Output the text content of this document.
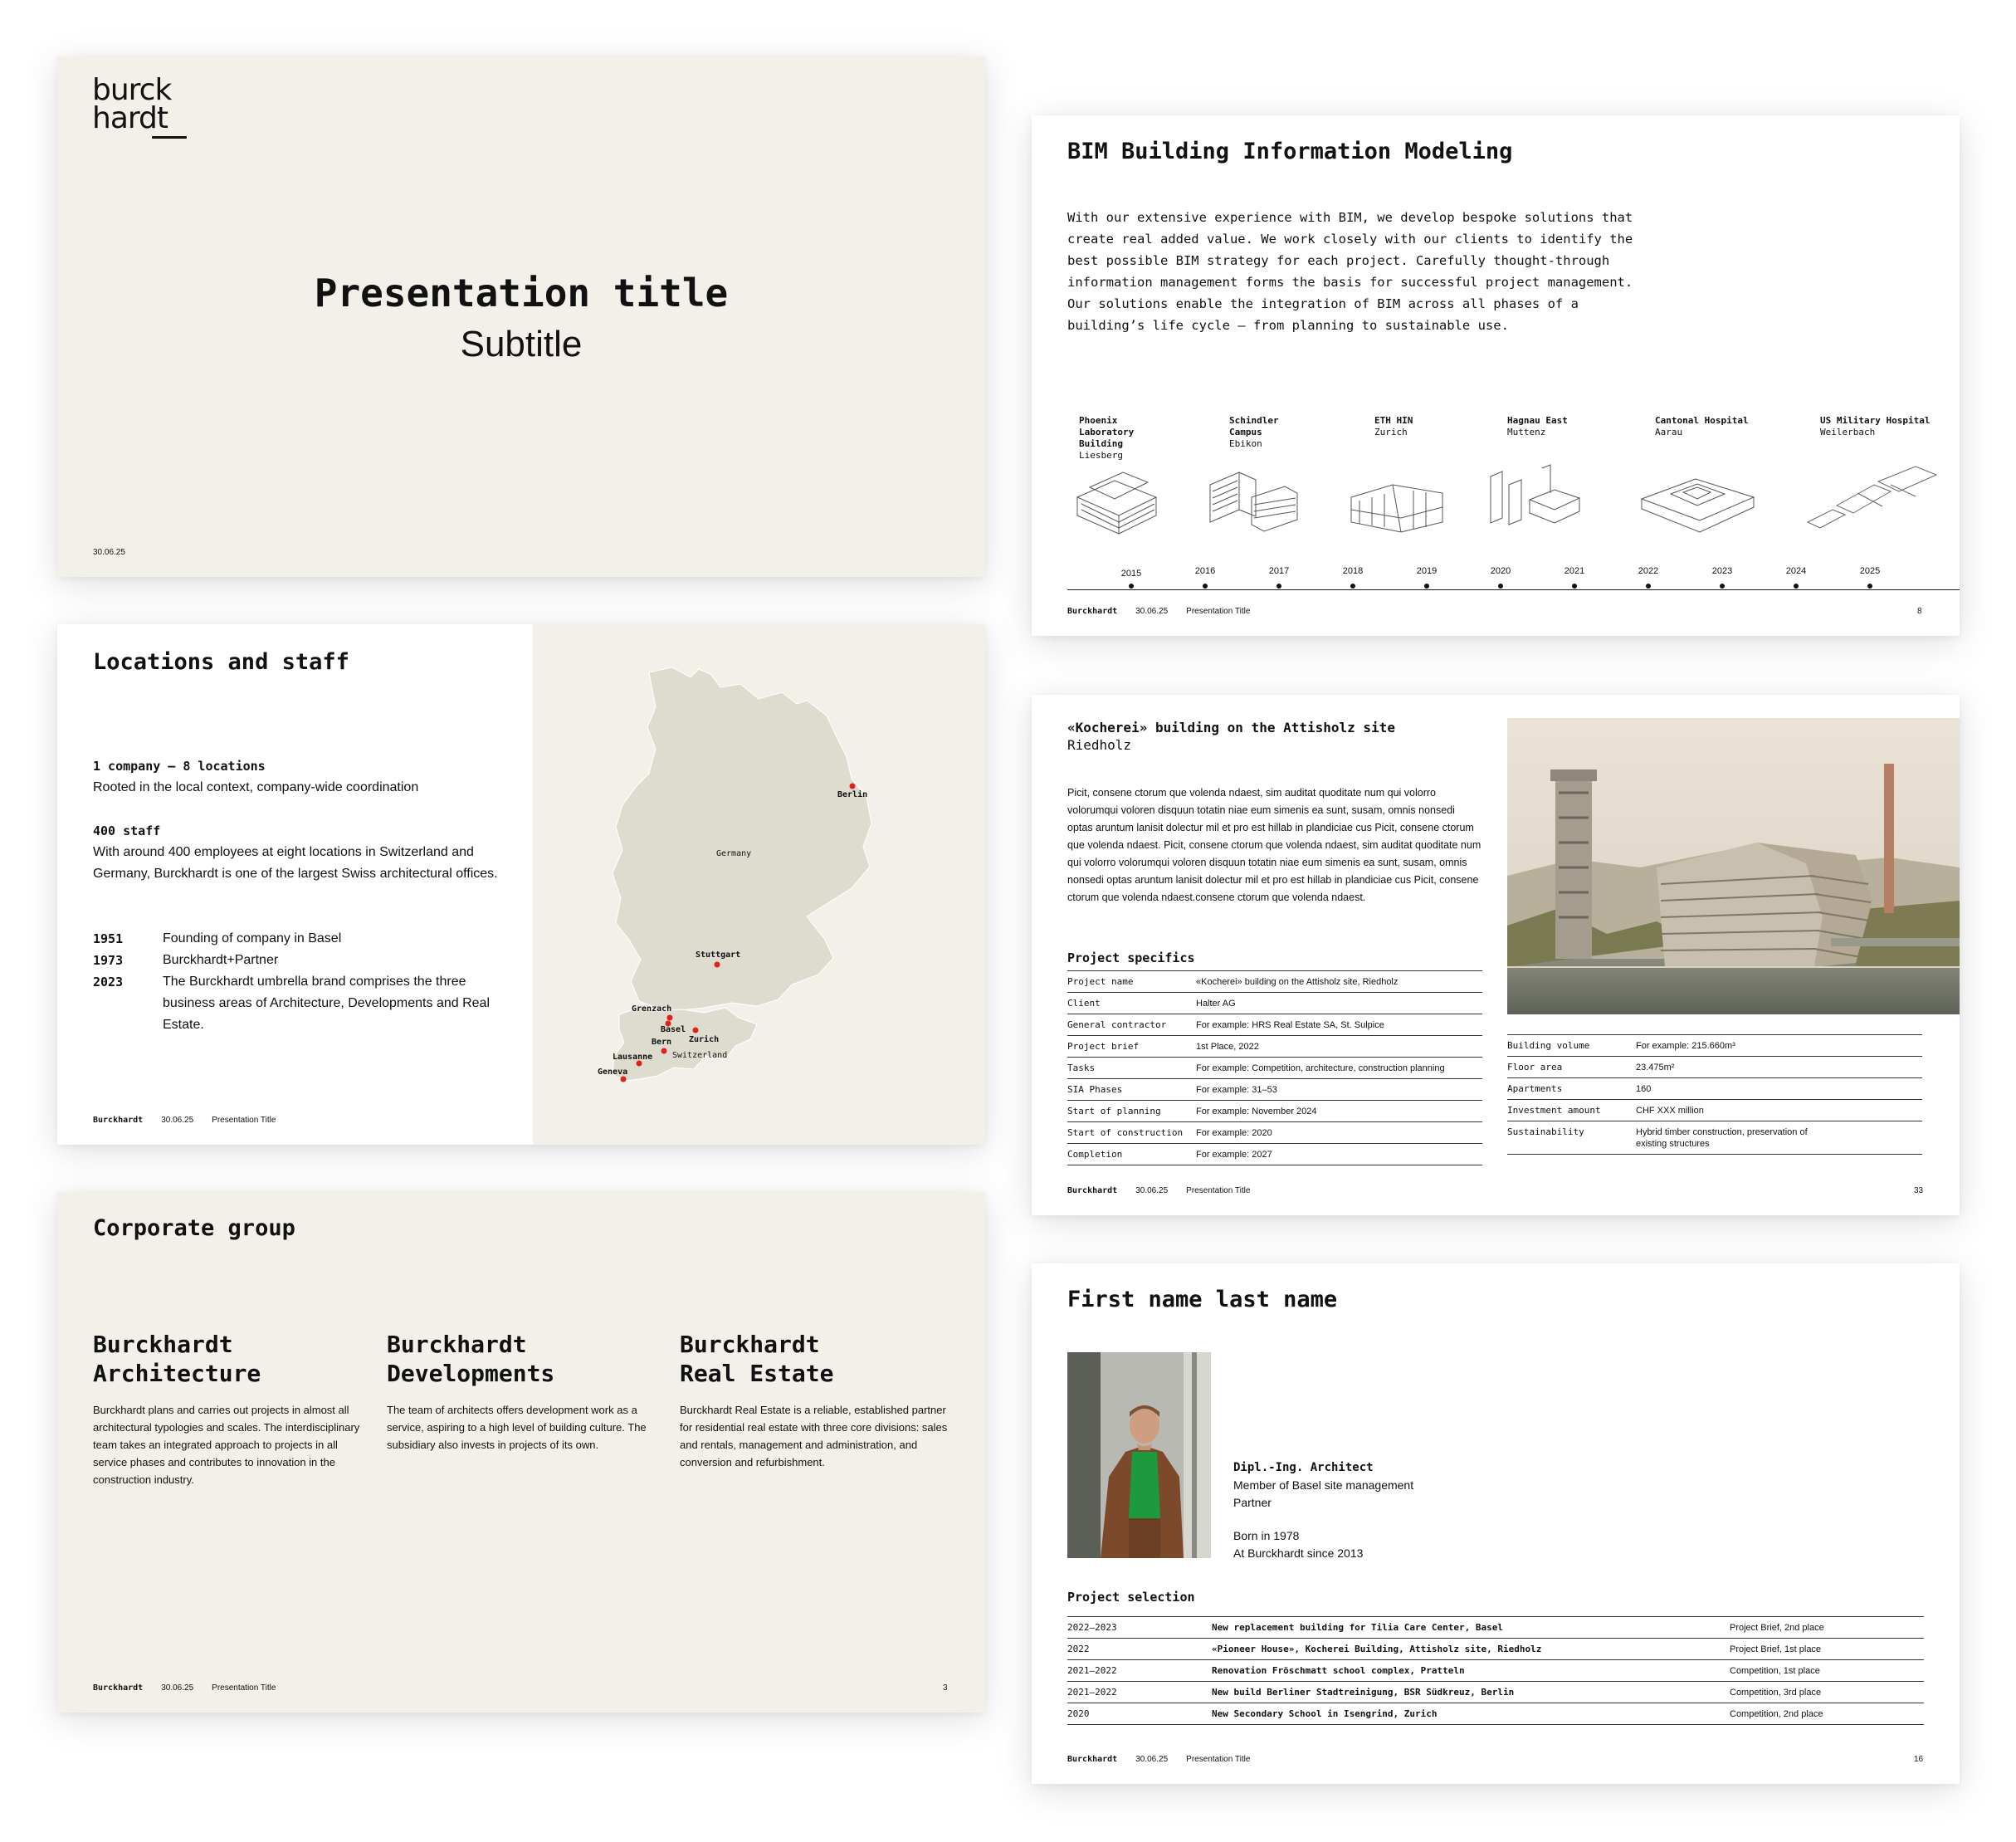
burck
hardt
Presentation title
Subtitle
30.06.25
Locations and staff
1 company – 8 locations
Rooted in the local context, company-wide coordination
400 staff
With around 400 employees at eight locations in Switzerland and Germany, Burckhardt is one of the largest Swiss architectural offices.
1951	Founding of company in Basel
1973	Burckhardt+Partner
2023	The Burckhardt umbrella brand comprises the three business areas of Architecture, Developments and Real Estate.
Burckhardt 30.06.25 Presentation Title
Germany
Switzerland
Berlin
Stuttgart
Grenzach
Basel
Zurich
Bern
Lausanne
Geneva
Corporate group
Burckhardt
Architecture
Burckhardt plans and carries out projects in almost all architectural typologies and scales. The interdisciplinary team takes an integrated approach to projects in all service phases and contributes to innovation in the construction industry.
Burckhardt
Developments
The team of architects offers development work as a service, aspiring to a high level of building culture. The subsidiary also invests in projects of its own.
Burckhardt
Real Estate
Burckhardt Real Estate is a reliable, established partner for residential real estate with three core divisions: sales and rentals, management and administration, and conversion and refurbishment.
Burckhardt 30.06.25 Presentation Title	3
BIM Building Information Modeling
With our extensive experience with BIM, we develop bespoke solutions that create real added value. We work closely with our clients to identify the best possible BIM strategy for each project. Carefully thought-through information management forms the basis for successful project management. Our solutions enable the integration of BIM across all phases of a building’s life cycle – from planning to sustainable use.
Phoenix Laboratory Building
Liesberg
Schindler Campus
Ebikon
ETH HIN
Zurich
Hagnau East
Muttenz
Cantonal Hospital
Aarau
US Military Hospital
Weilerbach
2015	2016	2017	2018	2019	2020	2021	2022	2023	2024	2025
Burckhardt 30.06.25 Presentation Title	8
«Kocherei» building on the Attisholz site
Riedholz
Picit, consene ctorum que volenda ndaest, sim auditat quoditate num qui volorro volorumqui voloren disquun totatin niae eum simenis ea sunt, susam, omnis nonsedi optas aruntum lanisit dolectur mil et pro est hillab in plandiciae cus Picit, consene ctorum que volenda ndaest. Picit, consene ctorum que volenda ndaest, sim auditat quoditate num qui volorro volorumqui voloren disquun totatin niae eum simenis ea sunt, susam, omnis nonsedi optas aruntum lanisit dolectur mil et pro est hillab in plandiciae cus Picit, consene ctorum que volenda ndaest.consene ctorum que volenda ndaest.
Project specifics
Project name	«Kocherei» building on the Attisholz site, Riedholz
Client	Halter AG
General contractor	For example: HRS Real Estate SA, St. Sulpice
Project brief	1st Place, 2022
Tasks	For example: Competition, architecture, construction planning
SIA Phases	For example: 31–53
Start of planning	For example: November 2024
Start of construction	For example: 2020
Completion	For example: 2027
Building volume	For example: 215.660m³
Floor area	23.475m²
Apartments	160
Investment amount	CHF XXX million
Sustainability	Hybrid timber construction, preservation of existing structures
Burckhardt 30.06.25 Presentation Title	33
First name last name
Dipl.-Ing. Architect
Member of Basel site management
Partner
Born in 1978
At Burckhardt since 2013
Project selection
2022–2023	New replacement building for Tilia Care Center, Basel	Project Brief, 2nd place
2022	«Pioneer House», Kocherei Building, Attisholz site, Riedholz	Project Brief, 1st place
2021–2022	Renovation Fröschmatt school complex, Pratteln	Competition, 1st place
2021–2022	New build Berliner Stadtreinigung, BSR Südkreuz, Berlin	Competition, 3rd place
2020	New Secondary School in Isengrind, Zurich	Competition, 2nd place
Burckhardt 30.06.25 Presentation Title	16
